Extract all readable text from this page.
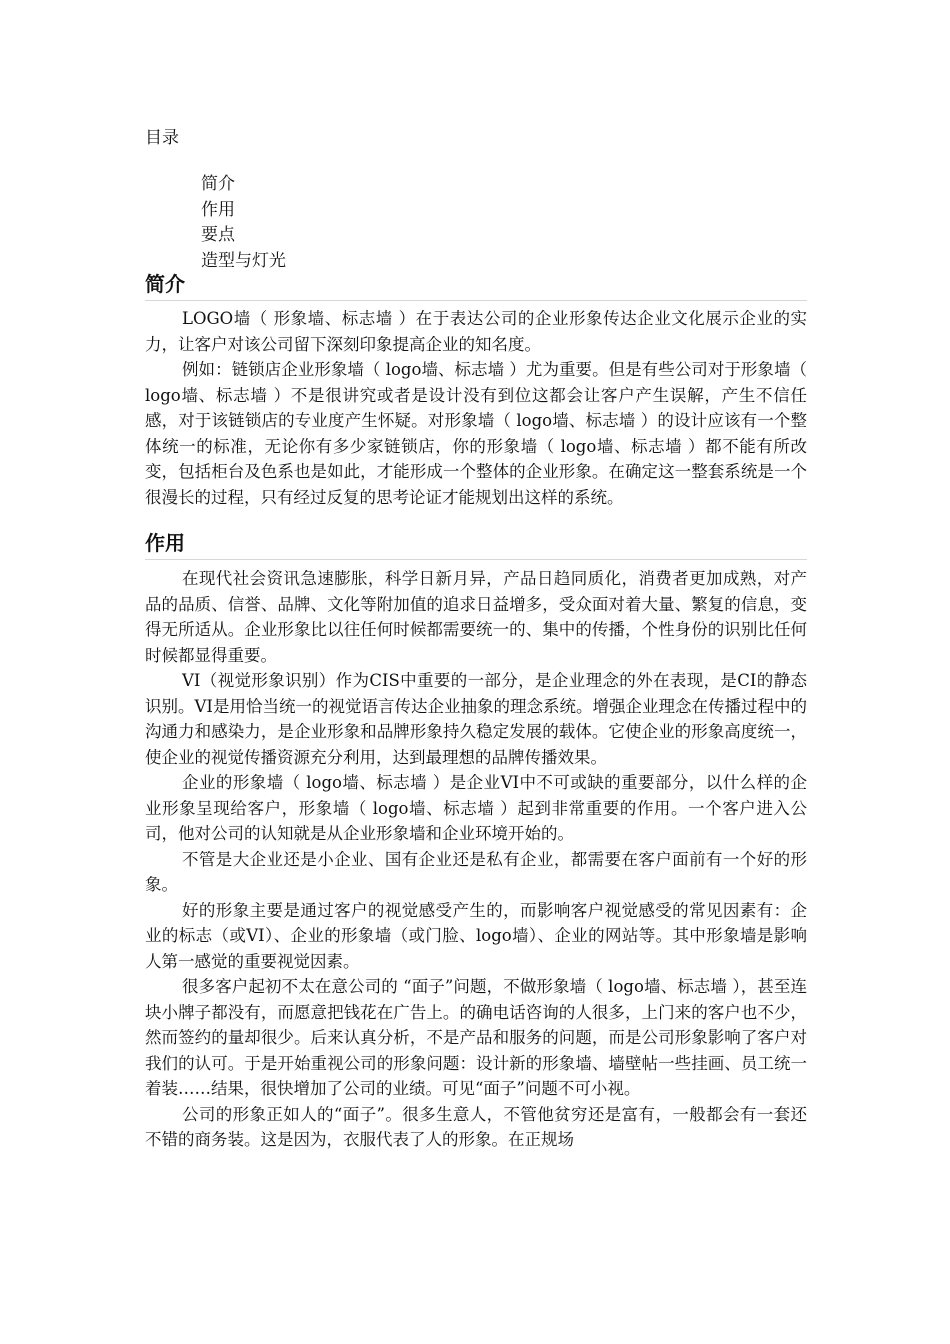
目录
简介
作用
要点
造型与灯光
简介

LOGO墙（ 形象墙、标志墙 ）在于表达公司的企业形象传达企业文化展示企业的实力，让客户对该公司留下深刻印象提高企业的知名度。

例如：链锁店企业形象墙（ logo墙、标志墙 ）尤为重要。但是有些公司对于形象墙（ logo墙、标志墙 ）不是很讲究或者是设计没有到位这都会让客户产生误解，产生不信任感，对于该链锁店的专业度产生怀疑。对形象墙（ logo墙、标志墙 ）的设计应该有一个整体统一的标准，无论你有多少家链锁店，你的形象墙（ logo墙、标志墙 ）都不能有所改变，包括柜台及色系也是如此，才能形成一个整体的企业形象。在确定这一整套系统是一个很漫长的过程，只有经过反复的思考论证才能规划出这样的系统。

作用

在现代社会资讯急速膨胀，科学日新月异，产品日趋同质化，消费者更加成熟，对产品的品质、信誉、品牌、文化等附加值的追求日益增多，受众面对着大量、繁复的信息，变得无所适从。企业形象比以往任何时候都需要统一的、集中的传播，个性身份的识别比任何时候都显得重要。

VI（视觉形象识别）作为CIS中重要的一部分，是企业理念的外在表现，是CI的静态识别。VI是用恰当统一的视觉语言传达企业抽象的理念系统。增强企业理念在传播过程中的沟通力和感染力，是企业形象和品牌形象持久稳定发展的载体。它使企业的形象高度统一，使企业的视觉传播资源充分利用，达到最理想的品牌传播效果。

企业的形象墙（ logo墙、标志墙 ）是企业VI中不可或缺的重要部分，以什么样的企业形象呈现给客户，形象墙（ logo墙、标志墙 ）起到非常重要的作用。一个客户进入公司，他对公司的认知就是从企业形象墙和企业环境开始的。

不管是大企业还是小企业、国有企业还是私有企业，都需要在客户面前有一个好的形象。

好的形象主要是通过客户的视觉感受产生的，而影响客户视觉感受的常见因素有：企业的标志（或VI）、企业的形象墙（或门脸、logo墙）、企业的网站等。其中形象墙是影响人第一感觉的重要视觉因素。

很多客户起初不太在意公司的 “面子”问题，不做形象墙（ logo墙、标志墙 ），甚至连块小牌子都没有，而愿意把钱花在广告上。的确电话咨询的人很多，上门来的客户也不少，然而签约的量却很少。后来认真分析，不是产品和服务的问题，而是公司形象影响了客户对我们的认可。于是开始重视公司的形象问题：设计新的形象墙、墙壁帖一些挂画、员工统一着装……结果，很快增加了公司的业绩。可见“面子”问题不可小视。

公司的形象正如人的“面子”。很多生意人，不管他贫穷还是富有，一般都会有一套还不错的商务装。这是因为，衣服代表了人的形象。在正规场
